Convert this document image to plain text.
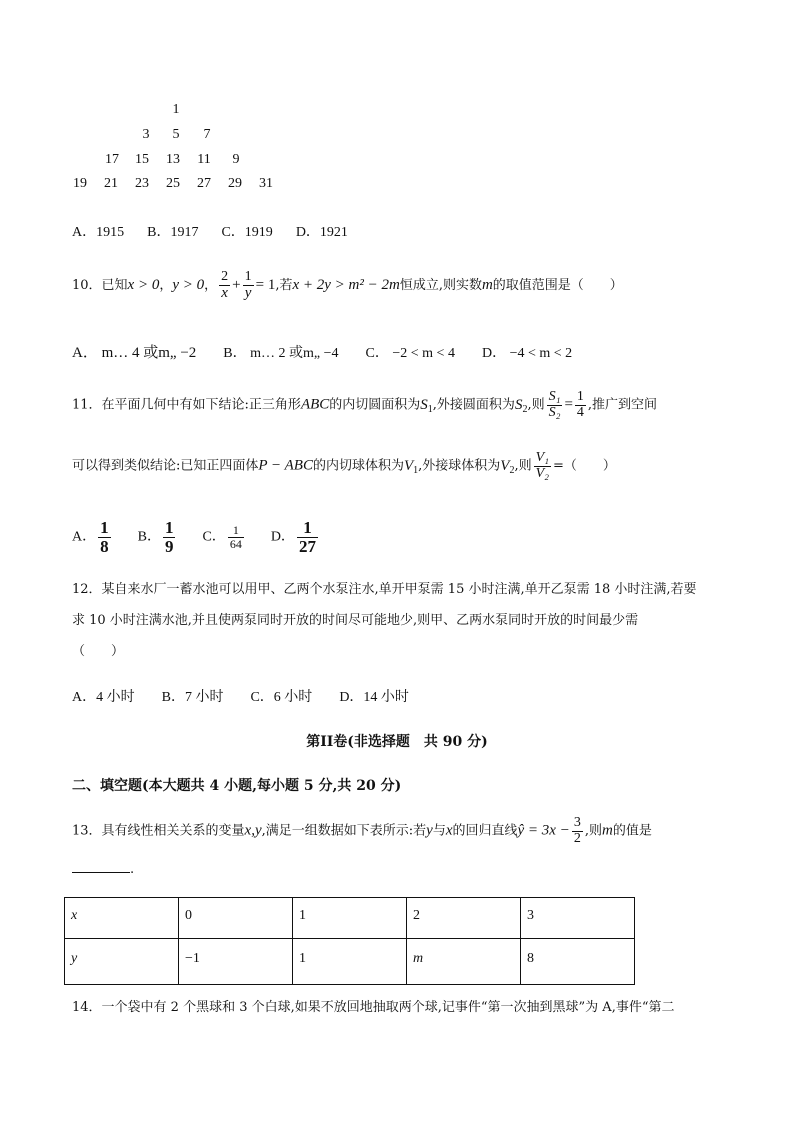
1
3	5	7
17	15	13	11	9
19	21	23	25	27	29	31
A．1915 B．1917 C．1919 D．1921
10．已知x > 0，y > 0， $\frac{2}{x} + \frac{1}{y} = 1$,若x + 2y > m² − 2m恒成立,则实数m的取值范围是（　　）
A． m… 4 或m„ −2 B． m… 2 或m„ −4 C． −2 < m < 4 D． −4 < m < 2
11．在平面几何中有如下结论:正三角形ABC的内切圆面积为$S_1$,外接圆面积为$S_2$,则 $\frac{\text{S₁}}{\text{S₂}} = \frac{1}{4}$ ,推广到空间
可以得到类似结论:已知正四面体P − ABC的内切球体积为$V_1$,外接球体积为$V_2$,则 $\frac{\text{V₁}}{\text{V₂}}$ =（　　）
A． $\frac{1}{8}$ B． $\frac{1}{9}$ C． $\frac{1}{64}$ D． $\frac{1}{27}$
12．某自来水厂一蓄水池可以用甲、乙两个水泵注水,单开甲泵需 15 小时注满,单开乙泵需 18 小时注满,若要
求 10 小时注满水池,并且使两泵同时开放的时间尽可能地少,则甲、乙两水泵同时开放的时间最少需
（　　）
A．4 小时 B．7 小时 C．6 小时 D．14 小时
第II卷(非选择题　共 90 分)
二、填空题(本大题共 4 小题,每小题 5 分,共 20 分)
13．具有线性相关关系的变量x,y,满足一组数据如下表所示:若y与x的回归直线ŷ = $3x - \frac{3}{2}$ ,则m的值是
.
x	0	1	2	3
y	−1	1	m	8
14．一个袋中有 2 个黑球和 3 个白球,如果不放回地抽取两个球,记事件“第一次抽到黑球”为 A,事件“第二
